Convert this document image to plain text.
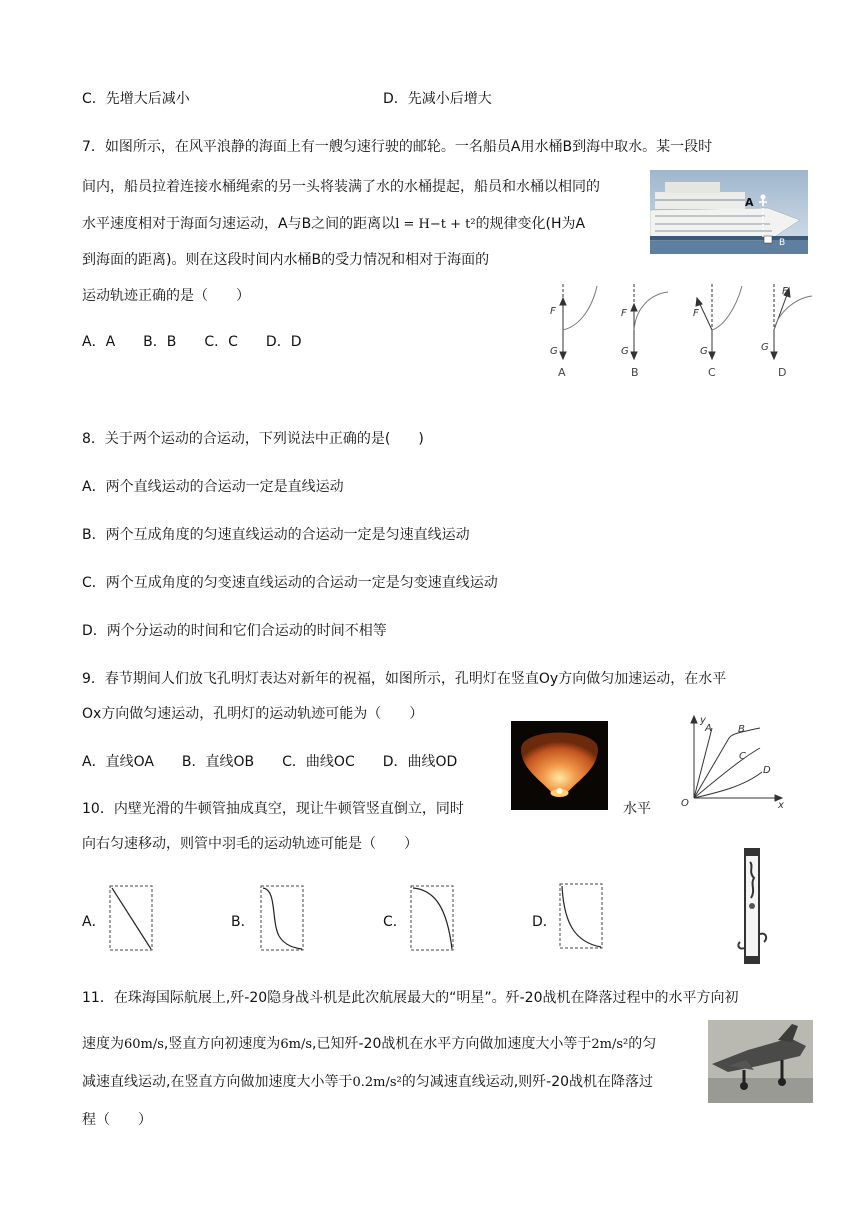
C．先增大后减小	D．先减小后增大
7．如图所示，在风平浪静的海面上有一艘匀速行驶的邮轮。一名船员A用水桶B到海中取水。某一段时
间内，船员拉着连接水桶绳索的另一头将装满了水的水桶提起，船员和水桶以相同的
水平速度相对于海面匀速运动，A与B之间的距离以l = H−t + t²的规律变化(H为A
到海面的距离)。则在这段时间内水桶B的受力情况和相对于海面的
运动轨迹正确的是（　　）
A．A　　B．B　　C．C　　D．D
A
B
F
G
F
G
F
G
F
G
A	B	C	D
8．关于两个运动的合运动，下列说法中正确的是(　　)
A．两个直线运动的合运动一定是直线运动
B．两个互成角度的匀速直线运动的合运动一定是匀速直线运动
C．两个互成角度的匀变速直线运动的合运动一定是匀变速直线运动
D．两个分运动的时间和它们合运动的时间不相等
9．春节期间人们放飞孔明灯表达对新年的祝福，如图所示，孔明灯在竖直Oy方向做匀加速运动，在水平
Ox方向做匀速运动，孔明灯的运动轨迹可能为（　　）
A．直线OA　　B．直线OB　　C．曲线OC　　D．曲线OD
y
x
O
A	B
C
D
10．内壁光滑的牛顿管抽成真空，现让牛顿管竖直倒立，同时	水平
向右匀速移动，则管中羽毛的运动轨迹可能是（　　）
A．	B．	C．	D．
11．在珠海国际航展上,歼-20隐身战斗机是此次航展最大的“明星”。歼-20战机在降落过程中的水平方向初
速度为60m/s,竖直方向初速度为6m/s,已知歼-20战机在水平方向做加速度大小等于2m/s²的匀
减速直线运动,在竖直方向做加速度大小等于0.2m/s²的匀减速直线运动,则歼-20战机在降落过
程（　　）
